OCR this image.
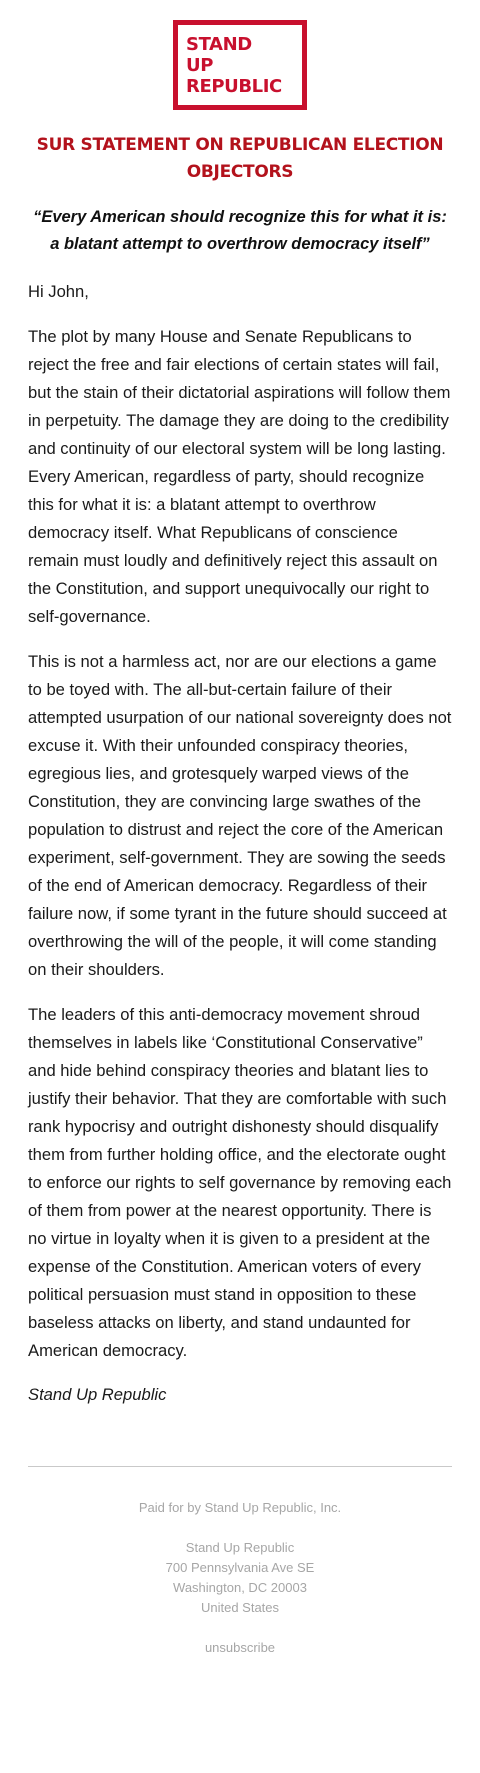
STAND
UP
REPUBLIC
SUR STATEMENT ON REPUBLICAN ELECTION OBJECTORS

“Every American should recognize this for what it is: a blatant attempt to overthrow democracy itself”

Hi John,

The plot by many House and Senate Republicans to reject the free and fair elections of certain states will fail, but the stain of their dictatorial aspirations will follow them in perpetuity. The damage they are doing to the credibility and continuity of our electoral system will be long lasting. Every American, regardless of party, should recognize this for what it is: a blatant attempt to overthrow democracy itself. What Republicans of conscience remain must loudly and definitively reject this assault on the Constitution, and support unequivocally our right to self-governance.

This is not a harmless act, nor are our elections a game to be toyed with. The all-but-certain failure of their attempted usurpation of our national sovereignty does not excuse it. With their unfounded conspiracy theories, egregious lies, and grotesquely warped views of the Constitution, they are convincing large swathes of the population to distrust and reject the core of the American experiment, self-government. They are sowing the seeds of the end of American democracy. Regardless of their failure now, if some tyrant in the future should succeed at overthrowing the will of the people, it will come standing on their shoulders.

The leaders of this anti-democracy movement shroud themselves in labels like ‘Constitutional Conservative” and hide behind conspiracy theories and blatant lies to justify their behavior. That they are comfortable with such rank hypocrisy and outright dishonesty should disqualify them from further holding office, and the electorate ought to enforce our rights to self governance by removing each of them from power at the nearest opportunity. There is no virtue in loyalty when it is given to a president at the expense of the Constitution. American voters of every political persuasion must stand in opposition to these baseless attacks on liberty, and stand undaunted for American democracy.

Stand Up Republic

Paid for by Stand Up Republic, Inc.
Stand Up Republic
700 Pennsylvania Ave SE
Washington, DC 20003
United States
unsubscribe
